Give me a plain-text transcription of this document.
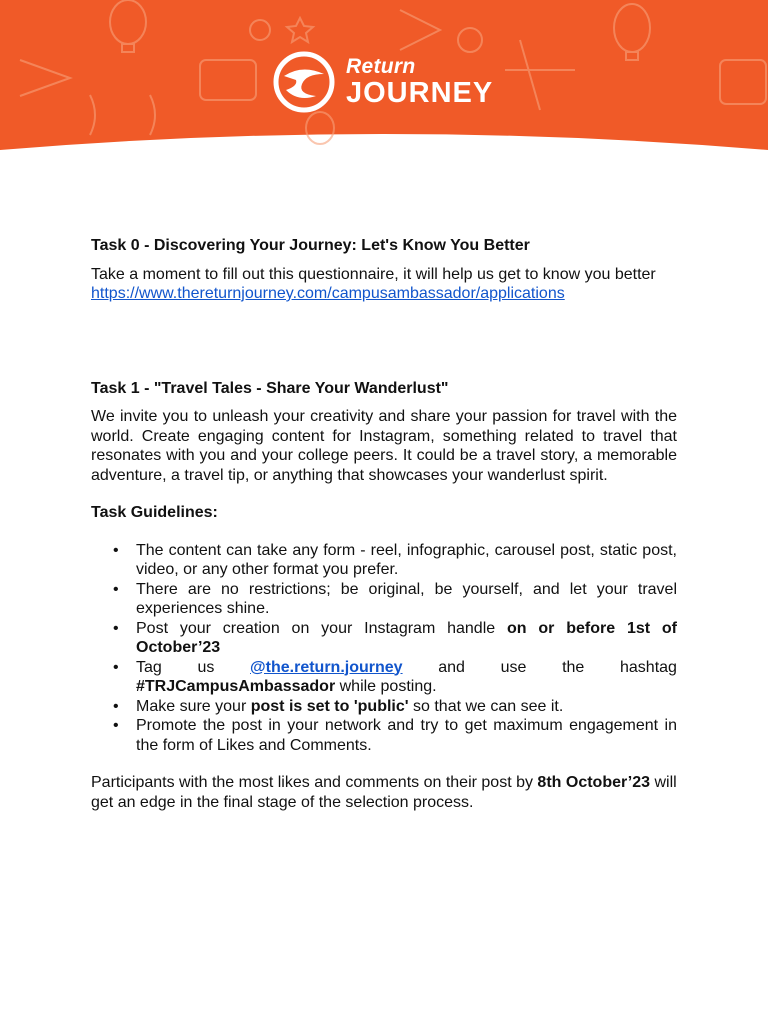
Return
JOURNEY
Task 0 - Discovering Your Journey: Let's Know You Better

Take a moment to fill out this questionnaire, it will help us get to know you better

https://www.thereturnjourney.com/campusambassador/applications

Task 1 - "Travel Tales - Share Your Wanderlust"

We invite you to unleash your creativity and share your passion for travel with the world. Create engaging content for Instagram, something related to travel that resonates with you and your college peers. It could be a travel story, a memorable adventure, a travel tip, or anything that showcases your wanderlust spirit.

Task Guidelines:
• The content can take any form - reel, infographic, carousel post, static post, video, or any other format you prefer.
• There are no restrictions; be original, be yourself, and let your travel experiences shine.
• Post your creation on your Instagram handle on or before 1st of October’23
• Tag us @the.return.journey and use the hashtag
#TRJCampusAmbassador while posting.
• Make sure your post is set to 'public' so that we can see it.
• Promote the post in your network and try to get maximum engagement in the form of Likes and Comments.

Participants with the most likes and comments on their post by 8th October’23 will get an edge in the final stage of the selection process.
